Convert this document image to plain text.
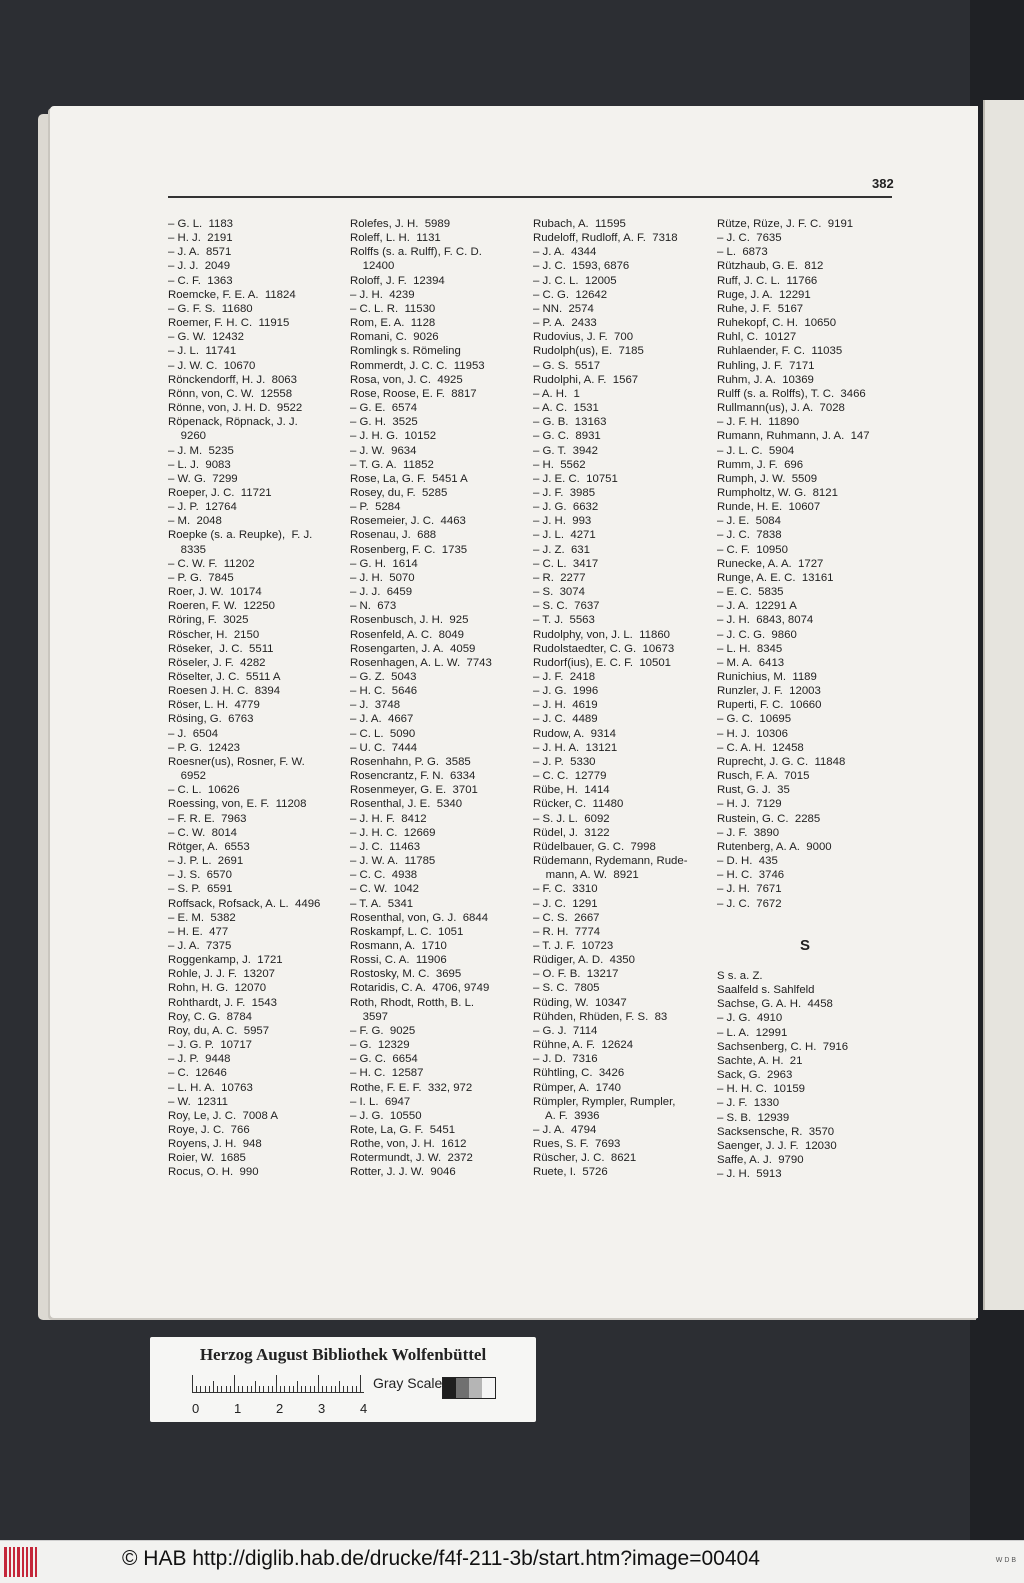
382
– G. L.  1183
– H. J.  2191
– J. A.  8571
– J. J.  2049
– C. F.  1363
Roemcke, F. E. A.  11824
– G. F. S.  11680
Roemer, F. H. C.  11915
– G. W.  12432
– J. L.  11741
– J. W. C.  10670
Rönckendorff, H. J.  8063
Rönn, von, C. W.  12558
Rönne, von, J. H. D.  9522
Röpenack, Röpnack, J. J.
9260
– J. M.  5235
– L. J.  9083
– W. G.  7299
Roeper, J. C.  11721
– J. P.  12764
– M.  2048
Roepke (s. a. Reupke),  F. J.
8335
– C. W. F.  11202
– P. G.  7845
Roer, J. W.  10174
Roeren, F. W.  12250
Röring, F.  3025
Röscher, H.  2150
Röseker,  J. C.  5511
Röseler, J. F.  4282
Röselter, J. C.  5511 A
Roesen J. H. C.  8394
Röser, L. H.  4779
Rösing, G.  6763
– J.  6504
– P. G.  12423
Roesner(us), Rosner, F. W.
6952
– C. L.  10626
Roessing, von, E. F.  11208
– F. R. E.  7963
– C. W.  8014
Rötger, A.  6553
– J. P. L.  2691
– J. S.  6570
– S. P.  6591
Roffsack, Rofsack, A. L.  4496
– E. M.  5382
– H. E.  477
– J. A.  7375
Roggenkamp, J.  1721
Rohle, J. J. F.  13207
Rohn, H. G.  12070
Rohthardt, J. F.  1543
Roy, C. G.  8784
Roy, du, A. C.  5957
– J. G. P.  10717
– J. P.  9448
– C.  12646
– L. H. A.  10763
– W.  12311
Roy, Le, J. C.  7008 A
Roye, J. C.  766
Royens, J. H.  948
Roier, W.  1685
Rocus, O. H.  990
Rolefes, J. H.  5989
Roleff, L. H.  1131
Rolffs (s. a. Rulff), F. C. D.
12400
Roloff, J. F.  12394
– J. H.  4239
– C. L. R.  11530
Rom, E. A.  1128
Romani, C.  9026
Romlingk s. Römeling
Rommerdt, J. C. C.  11953
Rosa, von, J. C.  4925
Rose, Roose, E. F.  8817
– G. E.  6574
– G. H.  3525
– J. H. G.  10152
– J. W.  9634
– T. G. A.  11852
Rose, La, G. F.  5451 A
Rosey, du, F.  5285
– P.  5284
Rosemeier, J. C.  4463
Rosenau, J.  688
Rosenberg, F. C.  1735
– G. H.  1614
– J. H.  5070
– J. J.  6459
– N.  673
Rosenbusch, J. H.  925
Rosenfeld, A. C.  8049
Rosengarten, J. A.  4059
Rosenhagen, A. L. W.  7743
– G. Z.  5043
– H. C.  5646
– J.  3748
– J. A.  4667
– C. L.  5090
– U. C.  7444
Rosenhahn, P. G.  3585
Rosencrantz, F. N.  6334
Rosenmeyer, G. E.  3701
Rosenthal, J. E.  5340
– J. H. F.  8412
– J. H. C.  12669
– J. C.  11463
– J. W. A.  11785
– C. C.  4938
– C. W.  1042
– T. A.  5341
Rosenthal, von, G. J.  6844
Roskampf, L. C.  1051
Rosmann, A.  1710
Rossi, C. A.  11906
Rostosky, M. C.  3695
Rotaridis, C. A.  4706, 9749
Roth, Rhodt, Rotth, B. L.
3597
– F. G.  9025
– G.  12329
– G. C.  6654
– H. C.  12587
Rothe, F. E. F.  332, 972
– I. L.  6947
– J. G.  10550
Rote, La, G. F.  5451
Rothe, von, J. H.  1612
Rotermundt, J. W.  2372
Rotter, J. J. W.  9046
Rubach, A.  11595
Rudeloff, Rudloff, A. F.  7318
– J. A.  4344
– J. C.  1593, 6876
– J. C. L.  12005
– C. G.  12642
– NN.  2574
– P. A.  2433
Rudovius, J. F.  700
Rudolph(us), E.  7185
– G. S.  5517
Rudolphi, A. F.  1567
– A. H.  1
– A. C.  1531
– G. B.  13163
– G. C.  8931
– G. T.  3942
– H.  5562
– J. E. C.  10751
– J. F.  3985
– J. G.  6632
– J. H.  993
– J. L.  4271
– J. Z.  631
– C. L.  3417
– R.  2277
– S.  3074
– S. C.  7637
– T. J.  5563
Rudolphy, von, J. L.  11860
Rudolstaedter, C. G.  10673
Rudorf(ius), E. C. F.  10501
– J. F.  2418
– J. G.  1996
– J. H.  4619
– J. C.  4489
Rudow, A.  9314
– J. H. A.  13121
– J. P.  5330
– C. C.  12779
Rübe, H.  1414
Rücker, C.  11480
– S. J. L.  6092
Rüdel, J.  3122
Rüdelbauer, G. C.  7998
Rüdemann, Rydemann, Rude-
mann, A. W.  8921
– F. C.  3310
– J. C.  1291
– C. S.  2667
– R. H.  7774
– T. J. F.  10723
Rüdiger, A. D.  4350
– O. F. B.  13217
– S. C.  7805
Rüding, W.  10347
Rühden, Rhüden, F. S.  83
– G. J.  7114
Rühne, A. F.  12624
– J. D.  7316
Rühtling, C.  3426
Rümper, A.  1740
Rümpler, Rympler, Rumpler,
A. F.  3936
– J. A.  4794
Rues, S. F.  7693
Rüscher, J. C.  8621
Ruete, I.  5726
Rütze, Rüze, J. F. C.  9191
– J. C.  7635
– L.  6873
Rützhaub, G. E.  812
Ruff, J. C. L.  11766
Ruge, J. A.  12291
Ruhe, J. F.  5167
Ruhekopf, C. H.  10650
Ruhl, C.  10127
Ruhlaender, F. C.  11035
Ruhling, J. F.  7171
Ruhm, J. A.  10369
Rulff (s. a. Rolffs), T. C.  3466
Rullmann(us), J. A.  7028
– J. F. H.  11890
Rumann, Ruhmann, J. A.  147
– J. L. C.  5904
Rumm, J. F.  696
Rumph, J. W.  5509
Rumpholtz, W. G.  8121
Runde, H. E.  10607
– J. E.  5084
– J. C.  7838
– C. F.  10950
Runecke, A. A.  1727
Runge, A. E. C.  13161
– E. C.  5835
– J. A.  12291 A
– J. H.  6843, 8074
– J. C. G.  9860
– L. H.  8345
– M. A.  6413
Runichius, M.  1189
Runzler, J. F.  12003
Ruperti, F. C.  10660
– G. C.  10695
– H. J.  10306
– C. A. H.  12458
Ruprecht, J. G. C.  11848
Rusch, F. A.  7015
Rust, G. J.  35
– H. J.  7129
Rustein, G. C.  2285
– J. F.  3890
Rutenberg, A. A.  9000
– D. H.  435
– H. C.  3746
– J. H.  7671
– J. C.  7672
S
S s. a. Z.
Saalfeld s. Sahlfeld
Sachse, G. A. H.  4458
– J. G.  4910
– L. A.  12991
Sachsenberg, C. H.  7916
Sachte, A. H.  21
Sack, G.  2963
– H. H. C.  10159
– J. F.  1330
– S. B.  12939
Sacksensche, R.  3570
Saenger, J. J. F.  12030
Saffe, A. J.  9790
– J. H.  5913
Herzog August Bibliothek Wolfenbüttel
Gray Scale
0	1	2	3	4
© HAB http://diglib.hab.de/drucke/f4f-211-3b/start.htm?image=00404	W D B
